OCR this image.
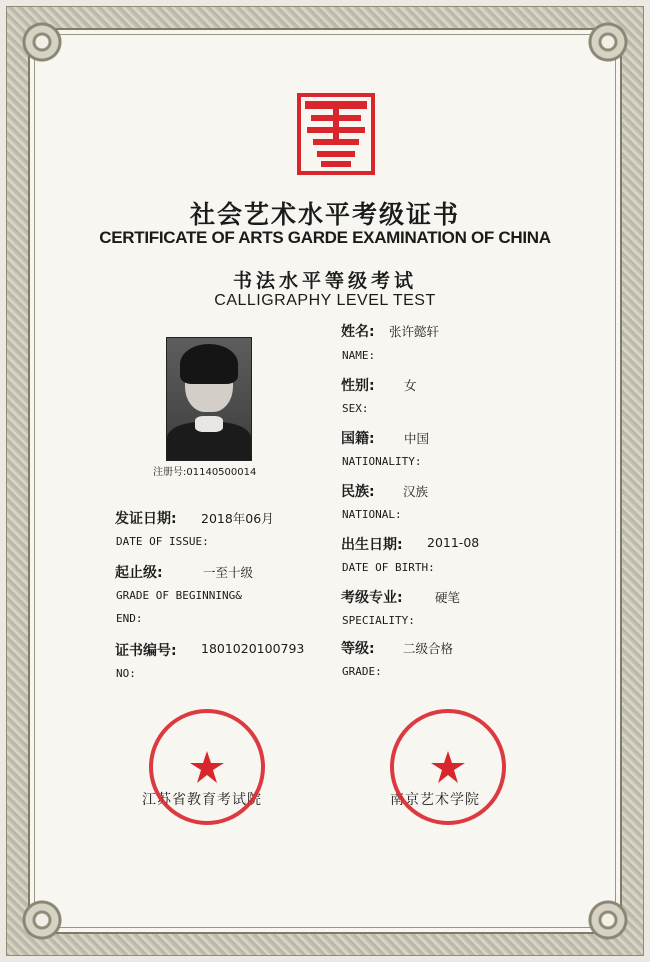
社会艺术水平考级证书
CERTIFICATE OF ARTS GARDE EXAMINATION OF CHINA
书法水平等级考试
CALLIGRAPHY LEVEL TEST
注册号:01140500014
姓名: 张许懿轩
NAME:
性别: 女
SEX:
国籍: 中国
NATIONALITY:
民族: 汉族
NATIONAL:
出生日期: 2011-08
DATE OF BIRTH:
考级专业:	硬笔
SPECIALITY:
等级: 二级合格
GRADE:
发证日期: 2018年06月
DATE OF ISSUE:
起止级:	一至十级
GRADE OF BEGINNING&
END:
证书编号: 1801020100793
NO:
江苏省教育考试院	南京艺术学院
